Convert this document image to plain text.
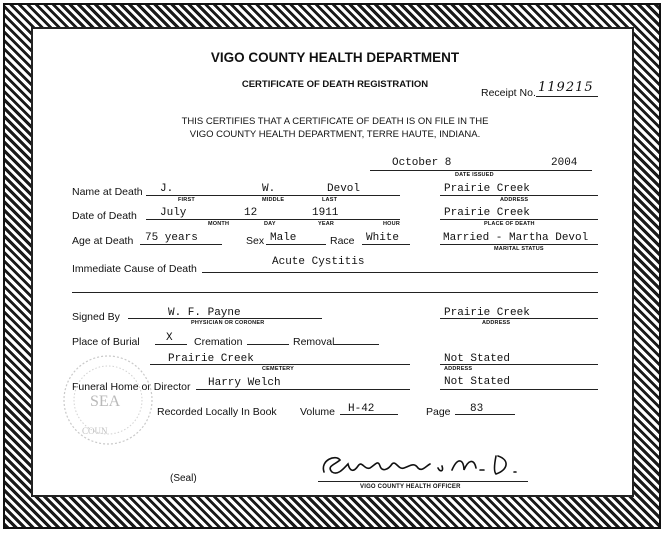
VIGO COUNTY HEALTH DEPARTMENT
CERTIFICATE OF DEATH REGISTRATION
Receipt No. 119215
THIS CERTIFIES THAT A CERTIFICATE OF DEATH IS ON FILE IN THE
VIGO COUNTY HEALTH DEPARTMENT, TERRE HAUTE, INDIANA.
October 8	2004
DATE ISSUED
Name at Death J.	W.	Devol	Prairie Creek
FIRST	MIDDLE	LAST	ADDRESS
Date of Death July	12	1911	Prairie Creek
MONTH	DAY	YEAR	HOUR	PLACE OF DEATH
Age at Death 75 years	Sex Male	Race White	Married - Martha Devol
MARITAL STATUS
Immediate Cause of Death
Acute Cystitis
Signed By	W. F. Payne
PHYSICIAN OR CORONER
Prairie Creek
ADDRESS
Place of Burial X Cremation	Removal
Prairie Creek
CEMETERY
Not Stated
ADDRESS
Funeral Home or Director Harry Welch	Not Stated
Recorded Locally In Book Volume H-42	Page 83
SEA
COUN
(Seal)
VIGO COUNTY HEALTH OFFICER
